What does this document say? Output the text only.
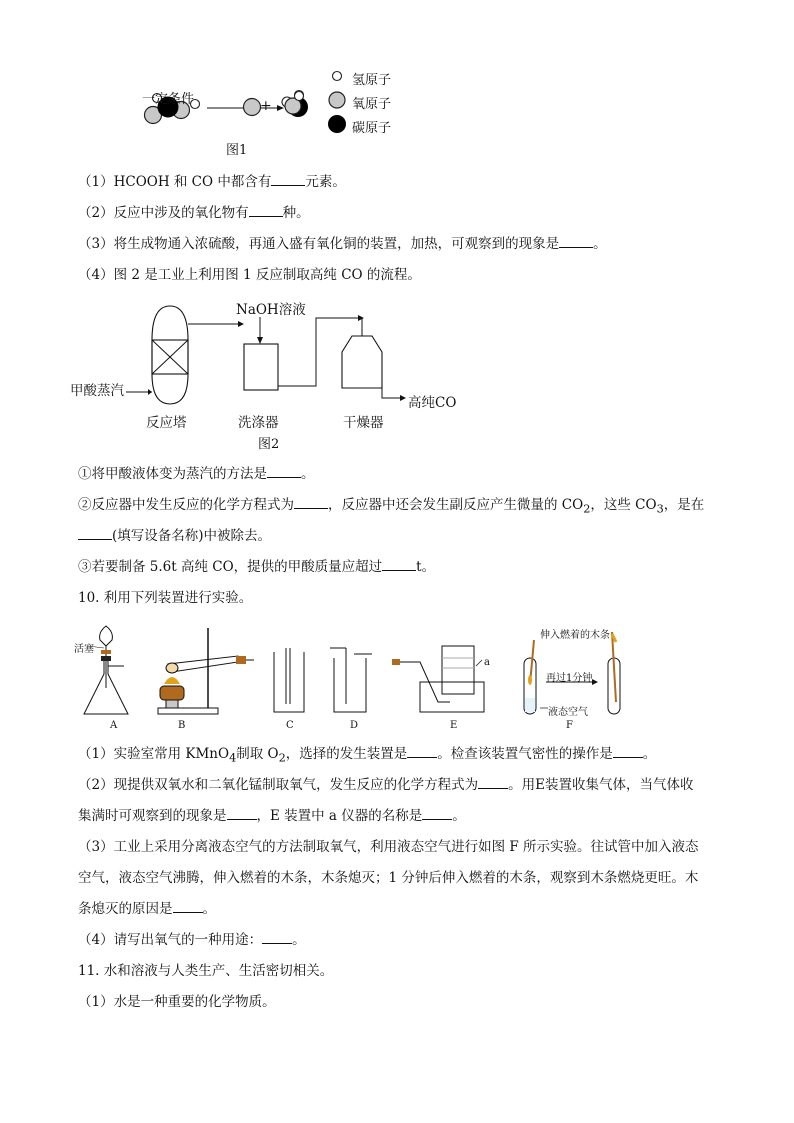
一定条件	+
氢原子
氧原子
碳原子
图1
（1）HCOOH 和 CO 中都含有	元素。
（2）反应中涉及的氧化物有	种。
（3）将生成物通入浓硫酸，再通入盛有氧化铜的装置，加热，可观察到的现象是	。
（4）图 2 是工业上利用图 1 反应制取高纯 CO 的流程。
NaOH溶液
甲酸蒸汽
高纯CO
反应塔	洗涤器	干燥器
图2
①将甲酸液体变为蒸汽的方法是	。
②反应器中发生反应的化学方程式为	，反应器中还会发生副反应产生微量的 $CO_2$，这些 $CO_3$，是在
(填写设备名称)中被除去。
③若要制备 5.6t 高纯 CO，提供的甲酸质量应超过	t。
10. 利用下列装置进行实验。
活塞
伸入燃着的木条
再过1分钟
液态空气
a
A	B	C	D	E	F
（1）实验室常用 KMnO$_4$制取 $O_2$，选择的发生装置是 。检查该装置气密性的操作是 。
（2）现提供双氧水和二氧化锰制取氧气，发生反应的化学方程式为 。用E装置收集气体，当气体收
集满时可观察到的现象是 ，E 装置中 a 仪器的名称是 。
（3）工业上采用分离液态空气的方法制取氧气，利用液态空气进行如图 F 所示实验。往试管中加入液态
空气，液态空气沸腾，伸入燃着的木条，木条熄灭；1 分钟后伸入燃着的木条，观察到木条燃烧更旺。木
条熄灭的原因是 。
（4）请写出氧气的一种用途： 。
11. 水和溶液与人类生产、生活密切相关。
（1）水是一种重要的化学物质。
